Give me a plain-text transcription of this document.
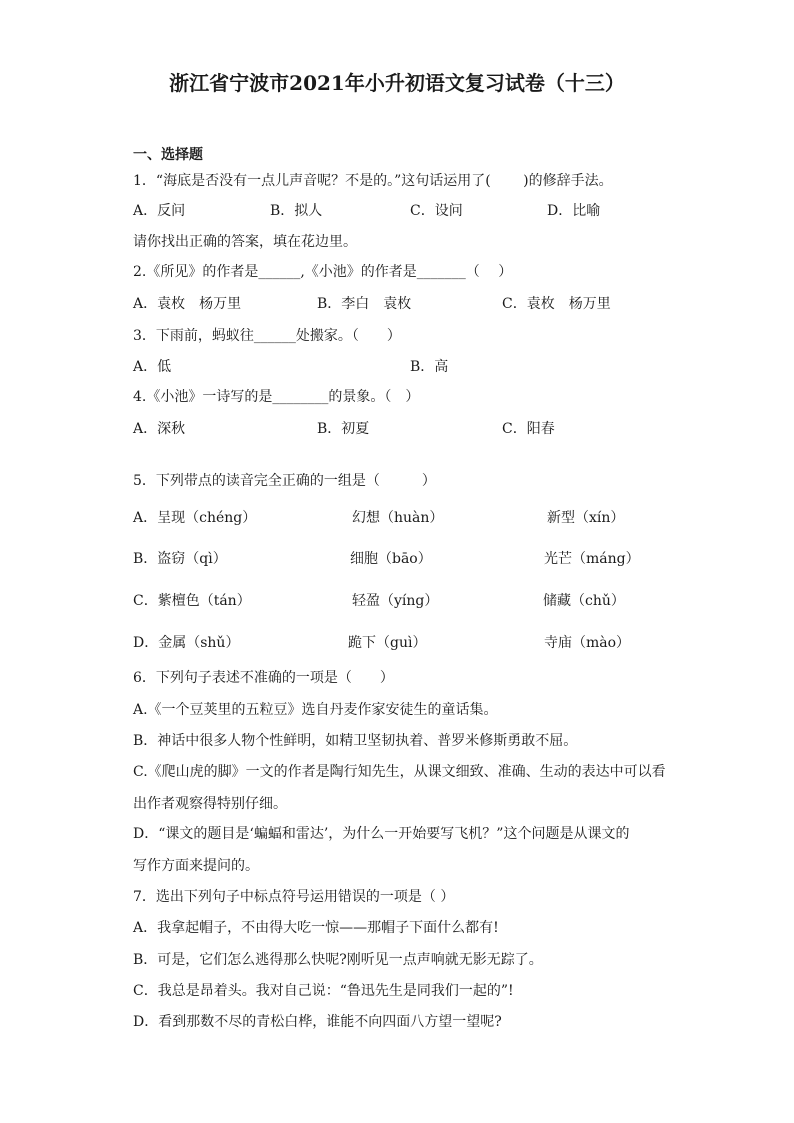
浙江省宁波市2021年小升初语文复习试卷（十三）
一、选择题
1．“海底是否没有一点儿声音呢？不是的。”这句话运用了(　　 )的修辞手法。
A．反问	B．拟人	C．设问	D．比喻
请你找出正确的答案，填在花边里。
2.《所见》的作者是______,《小池》的作者是_______（　 ）
A．袁枚　杨万里	B．李白　袁枚	C．袁枚　杨万里
3．下雨前，蚂蚁往______处搬家。（　　）
A．低	B．高
4.《小池》一诗写的是________的景象。（　）
A．深秋	B．初夏	C．阳春
5．下列带点的读音完全正确的一组是（　　　）
A．呈现（chéng）	幻想（huàn）	新型（xín）
B．盗窃（qì）	细胞（bāo）	光芒（máng）
C．紫檀色（tán）	轻盈（yíng）	储藏（chǔ）
D．金属（shǔ）	跪下（guì）	寺庙（mào）
6．下列句子表述不准确的一项是（　　）
A.《一个豆荚里的五粒豆》选自丹麦作家安徒生的童话集。
B．神话中很多人物个性鲜明，如精卫坚韧执着、普罗米修斯勇敢不屈。
C.《爬山虎的脚》一文的作者是陶行知先生，从课文细致、准确、生动的表达中可以看
出作者观察得特别仔细。
D．“课文的题目是‘蝙蝠和雷达’，为什么一开始要写飞机？”这个问题是从课文的
写作方面来提问的。
7．选出下列句子中标点符号运用错误的一项是（ ）
A．我拿起帽子，不由得大吃一惊——那帽子下面什么都有!
B．可是，它们怎么逃得那么快呢?刚听见一点声响就无影无踪了。
C．我总是昂着头。我对自己说：“鲁迅先生是同我们一起的”!
D．看到那数不尽的青松白桦，谁能不向四面八方望一望呢?
